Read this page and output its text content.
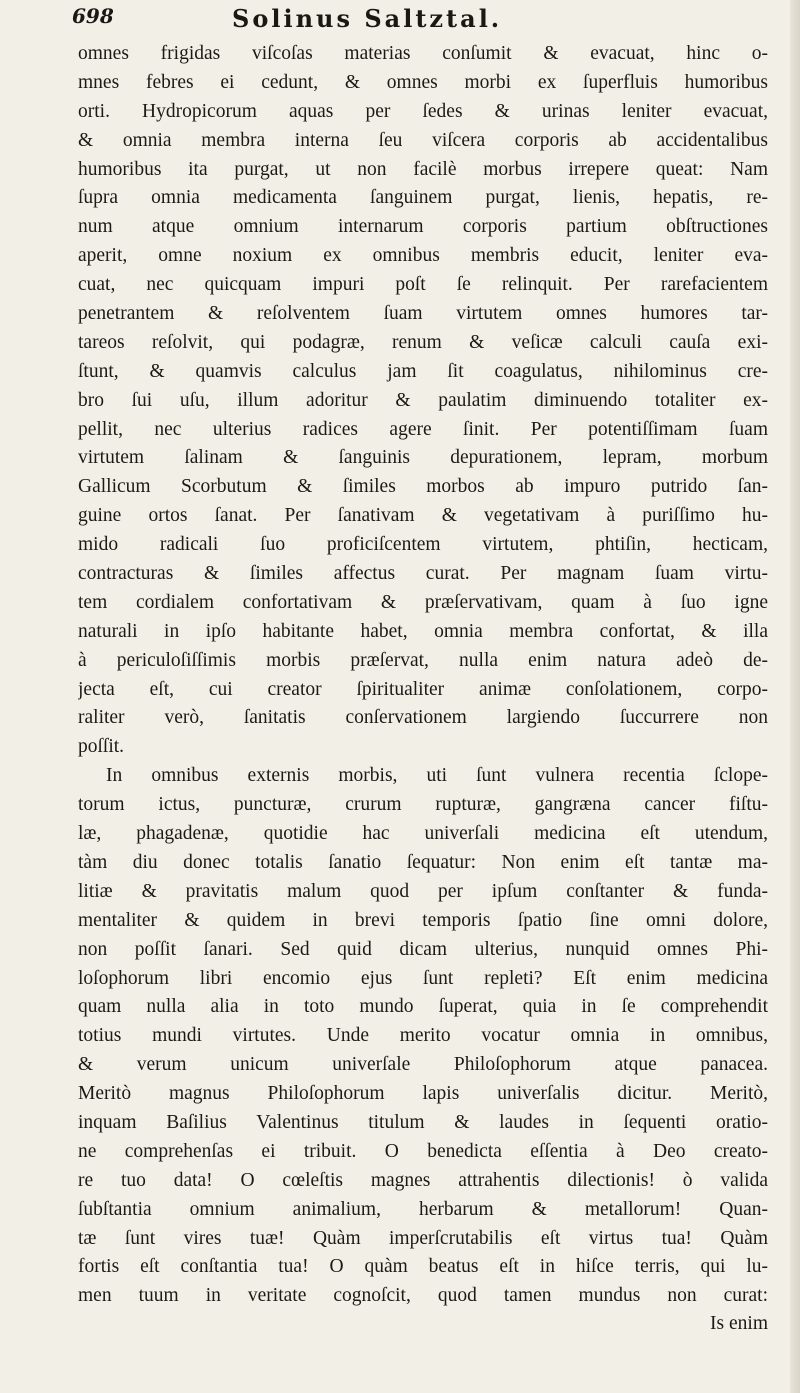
698	Solinus Saltztal.
omnes frigidas viſcoſas materias conſumit & evacuat, hinc o-
mnes febres ei cedunt, & omnes morbi ex ſuperfluis humoribus
orti. Hydropicorum aquas per ſedes & urinas leniter evacuat,
& omnia membra interna ſeu viſcera corporis ab accidentalibus
humoribus ita purgat, ut non facilè morbus irrepere queat: Nam
ſupra omnia medicamenta ſanguinem purgat, lienis, hepatis, re-
num atque omnium internarum corporis partium obſtructiones
aperit, omne noxium ex omnibus membris educit, leniter eva-
cuat, nec quicquam impuri poſt ſe relinquit. Per rarefacientem
penetrantem & reſolventem ſuam virtutem omnes humores tar-
tareos reſolvit, qui podagræ, renum & veſicæ calculi cauſa exi-
ſtunt, & quamvis calculus jam ſit coagulatus, nihilominus cre-
bro ſui uſu, illum adoritur & paulatim diminuendo totaliter ex-
pellit, nec ulterius radices agere ſinit. Per potentiſſimam ſuam
virtutem ſalinam & ſanguinis depurationem, lepram, morbum
Gallicum Scorbutum & ſimiles morbos ab impuro putrido ſan-
guine ortos ſanat. Per ſanativam & vegetativam à puriſſimo hu-
mido radicali ſuo proficiſcentem virtutem, phtiſin, hecticam,
contracturas & ſimiles affectus curat. Per magnam ſuam virtu-
tem cordialem confortativam & præſervativam, quam à ſuo igne
naturali in ipſo habitante habet, omnia membra confortat, & illa
à periculoſiſſimis morbis præſervat, nulla enim natura adeò de-
jecta eſt, cui creator ſpiritualiter animæ conſolationem, corpo-
raliter verò, ſanitatis conſervationem largiendo ſuccurrere non
poſſit.
In omnibus externis morbis, uti ſunt vulnera recentia ſclope-
torum ictus, puncturæ, crurum rupturæ, gangræna cancer fiſtu-
læ, phagadenæ, quotidie hac univerſali medicina eſt utendum,
tàm diu donec totalis ſanatio ſequatur: Non enim eſt tantæ ma-
litiæ & pravitatis malum quod per ipſum conſtanter & funda-
mentaliter & quidem in brevi temporis ſpatio ſine omni dolore,
non poſſit ſanari. Sed quid dicam ulterius, nunquid omnes Phi-
loſophorum libri encomio ejus ſunt repleti? Eſt enim medicina
quam nulla alia in toto mundo ſuperat, quia in ſe comprehendit
totius mundi virtutes. Unde merito vocatur omnia in omnibus,
& verum unicum univerſale Philoſophorum atque panacea.
Meritò magnus Philoſophorum lapis univerſalis dicitur. Meritò,
inquam Baſilius Valentinus titulum & laudes in ſequenti oratio-
ne comprehenſas ei tribuit. O benedicta eſſentia à Deo creato-
re tuo data! O cœleſtis magnes attrahentis dilectionis! ò valida
ſubſtantia omnium animalium, herbarum & metallorum! Quan-
tæ ſunt vires tuæ! Quàm imperſcrutabilis eſt virtus tua! Quàm
fortis eſt conſtantia tua! O quàm beatus eſt in hiſce terris, qui lu-
men tuum in veritate cognoſcit, quod tamen mundus non curat:
Is enim
